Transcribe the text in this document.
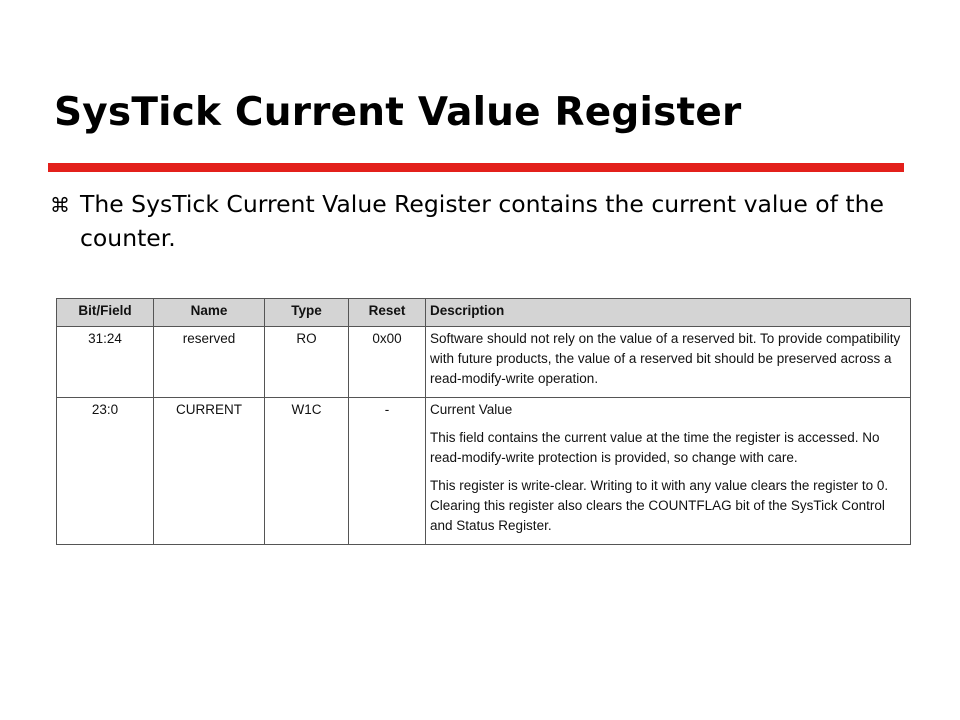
SysTick Current Value Register
⌘ The SysTick Current Value Register contains the current value of the counter.

Bit/Field	Name	Type	Reset	Description
31:24	reserved	RO	0x00	Software should not rely on the value of a reserved bit. To provide compatibility with future products, the value of a reserved bit should be preserved across a read-modify-write operation.

23:0	CURRENT	W1C	-	Current Value

This field contains the current value at the time the register is accessed. No read-modify-write protection is provided, so change with care.

This register is write-clear. Writing to it with any value clears the register to 0. Clearing this register also clears the COUNTFLAG bit of the SysTick Control and Status Register.
